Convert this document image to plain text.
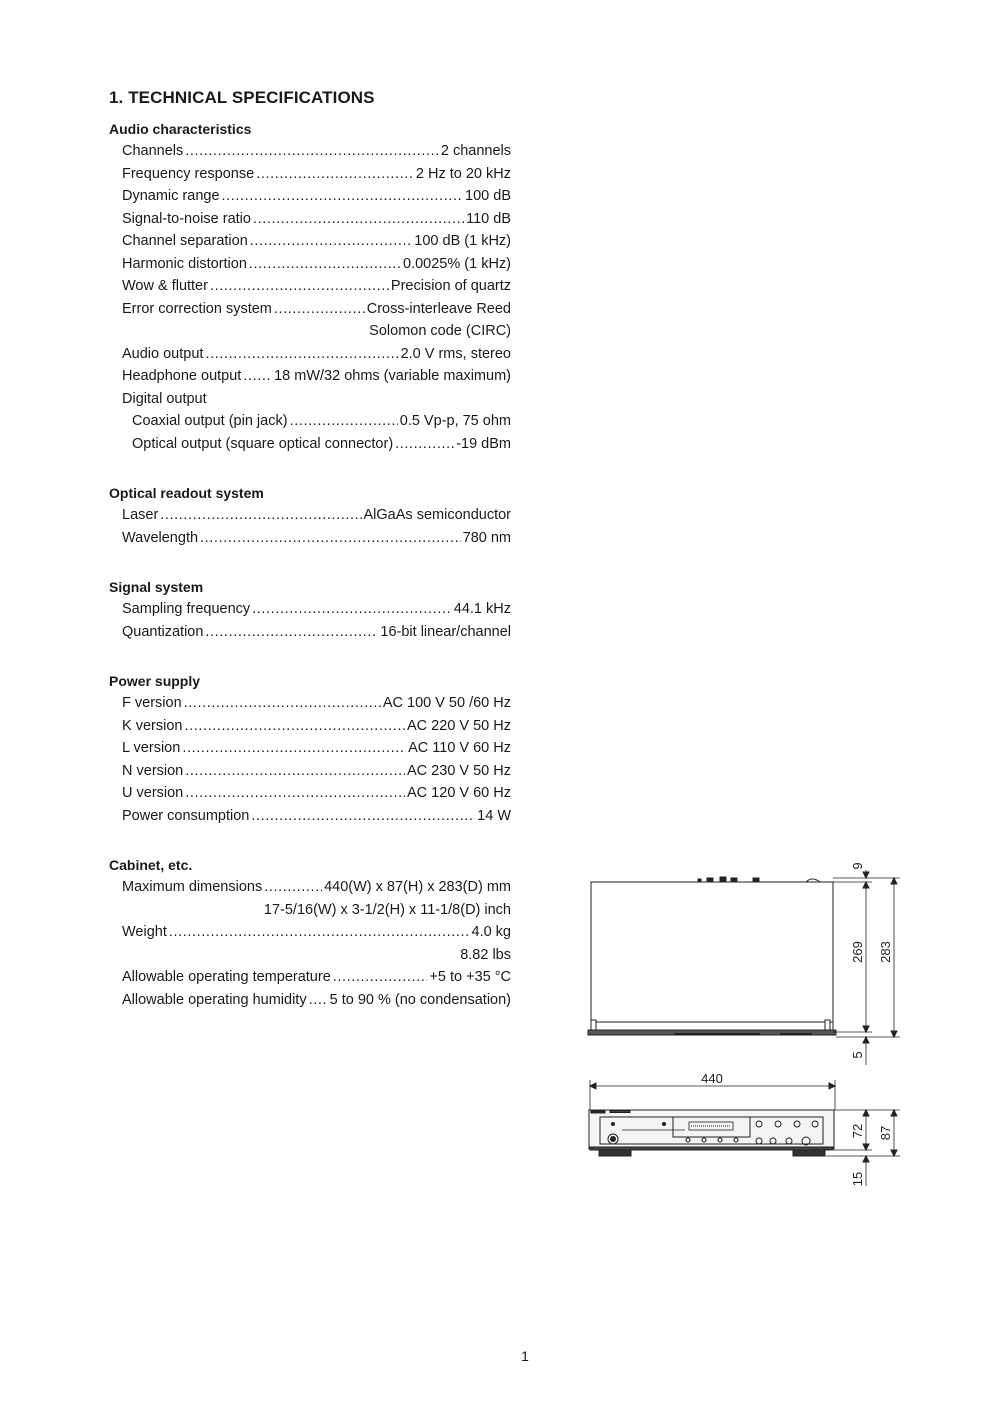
1. TECHNICAL SPECIFICATIONS
Audio characteristics
Channels .....	2 channels
Frequency response .....	2 Hz to 20 kHz
Dynamic range .....	100 dB
Signal-to-noise ratio .....	110 dB
Channel separation .....	100 dB (1 kHz)
Harmonic distortion .....	0.0025% (1 kHz)
Wow & flutter .....	Precision of quartz
Error correction system .....	Cross-interleave Reed
Solomon code (CIRC)
Audio output .....	2.0 V rms, stereo
Headphone output ..... 18 mW/32 ohms (variable maximum)
Digital output
Coaxial output (pin jack) .....	0.5 Vp-p, 75 ohm
Optical output (square optical connector) .....	-19 dBm
Optical readout system
Laser .....	AlGaAs semiconductor
Wavelength .....	780 nm
Signal system
Sampling frequency .....	44.1 kHz
Quantization .....	16-bit linear/channel
Power supply
F version .....	AC 100 V 50 /60 Hz
K version .....	AC 220 V 50 Hz
L version .....	AC 110 V 60 Hz
N version .....	AC 230 V 50 Hz
U version .....	AC 120 V 60 Hz
Power consumption .....	14 W
Cabinet, etc.
Maximum dimensions .....	440(W) x 87(H) x 283(D) mm
17-5/16(W) x 3-1/2(H) x 11-1/8(D) inch
Weight .....	4.0 kg
8.82 lbs
Allowable operating temperature .....	+5 to +35 °C
Allowable operating humidity ..... 5 to 90 % (no condensation)
9
269 283
5
440
72 87
15
1
